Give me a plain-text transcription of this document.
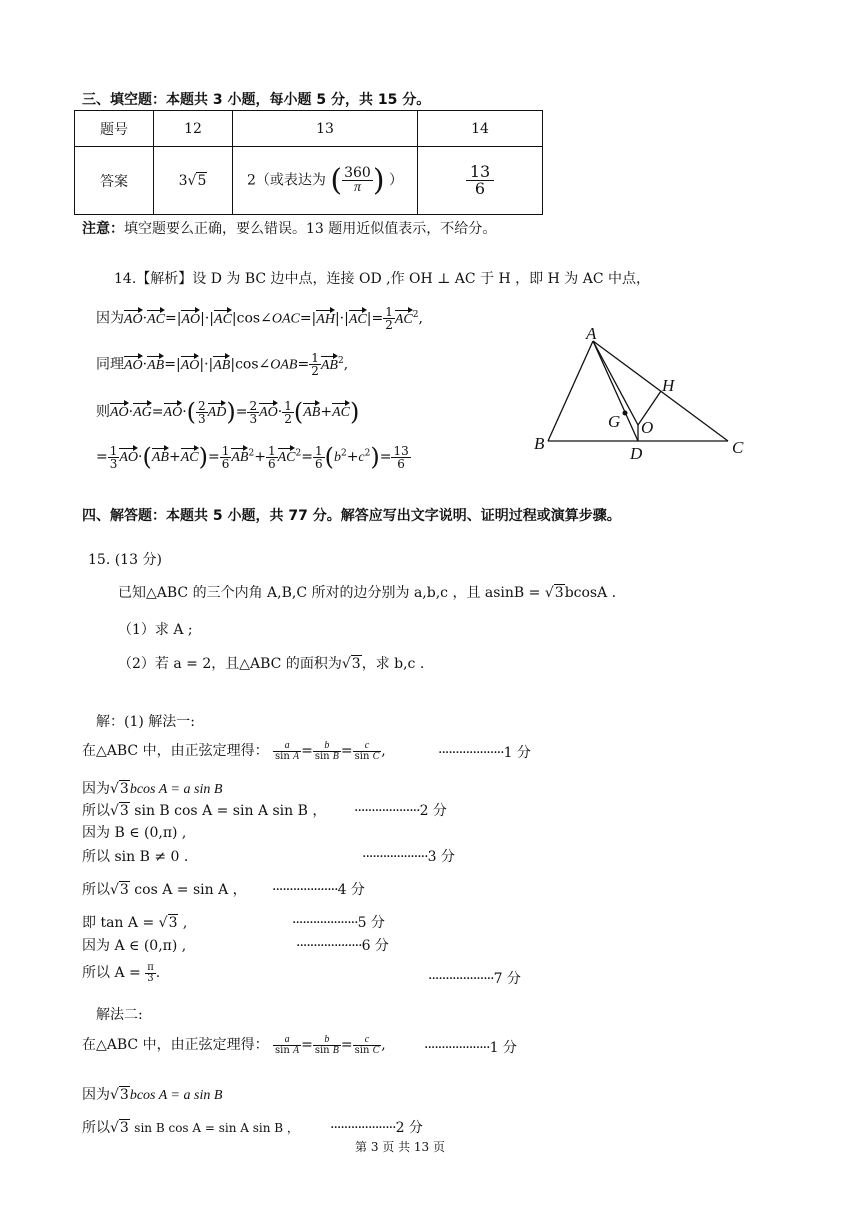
三、填空题：本题共 3 小题，每小题 5 分，共 15 分。
题号	12	13	14
答案	3√5	2（或表达为 ( $\frac{360}{\pi}$ ) ）	$\frac{13}{6}$
注意：填空题要么正确，要么错误。13 题用近似值表示，不给分。
14.【解析】设 D 为 BC 边中点，连接 OD ,作 OH ⊥ AC 于 H ，即 H 为 AC 中点，
因为AO·AC=|AO|·|AC|cos∠OAC=|AH|·|AC|= $\frac{1}{2} AC^2$,
同理AO·AB=|AO|·|AB|cos∠OAB= $\frac{1}{2} AB^2$,
则$AO\cdot AG=AO\cdot( \frac{2}{3} AD)= \frac{2}{3} AO\cdot \frac{1}{2} (AB+AC)$
= $\frac{1}{3} AO\cdot(AB+AC)= \frac{1}{6} AB^2+ \frac{1}{6} AC^2= \frac{1}{6} (b^2+c^2)= \frac{13}{6}$
A
B	C
D
G O
H
四、解答题：本题共 5 小题，共 77 分。解答应写出文字说明、证明过程或演算步骤。
15. (13 分)
已知△ABC 的三个内角 A,B,C 所对的边分别为 a,b,c ，且 asinB = √3bcosA .
（1）求 A ;
（2）若 a = 2，且△ABC 的面积为√3，求 b,c .
解：(1) 解法一:
在△ABC 中，由正弦定理得： $\frac{a}{\text{sin A}} = \frac{b}{\text{sin B}} = \frac{c}{\text{sin C}}$ ,	···················1 分
因为√3bcos A = a sin B
所以√3 sin B cos A = sin A sin B ， ···················2 分
因为 B ∈ (0,π) ,
所以 sin B ≠ 0 .	···················3 分
所以√3 cos A = sin A ， ···················4 分
即 tan A = √3 ,	···················5 分
因为 A ∈ (0,π) ,	···················6 分
所以 $A = \frac{\pi}{3}$ .	···················7 分
解法二:
在△ABC 中，由正弦定理得： $\frac{a}{\text{sin A}} = \frac{b}{\text{sin B}} = \frac{c}{\text{sin C}}$ ,	···················1 分
因为√3bcos A = a sin B
所以√3 sin B cos A = sin A sin B ， ···················2 分
第 3 页 共 13 页
